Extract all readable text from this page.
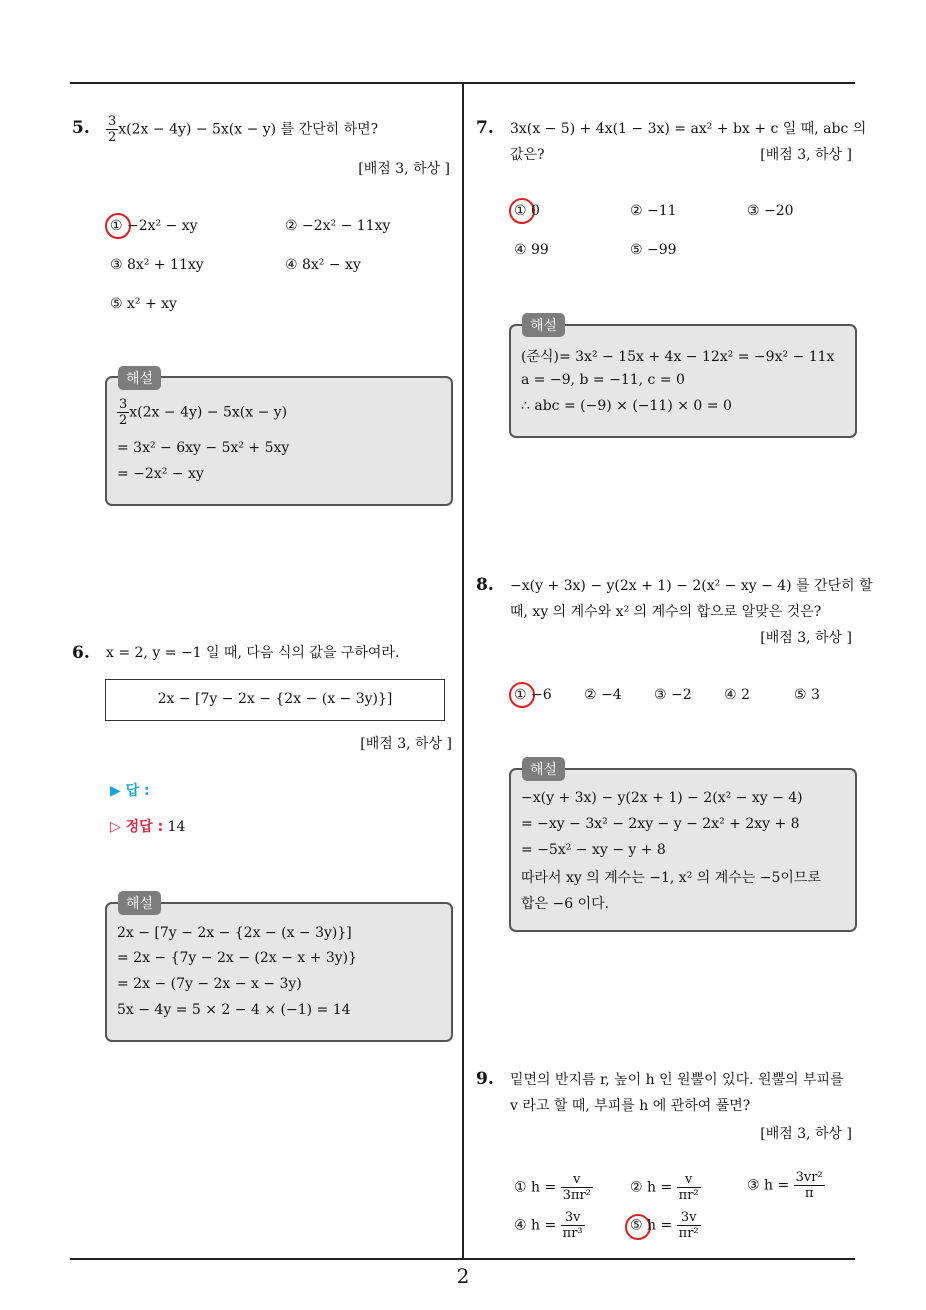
2
5. $\frac{3}{2} x(2x - 4y) - 5x(x - y)$ 를 간단히 하면?
[배점 3, 하상 ]
① −2x² − xy	② −2x² − 11xy
③ 8x² + 11xy	④ 8x² − xy
⑤ x² + xy
해설
$\frac{3}{2} x(2x - 4y) - 5x(x - y)$
= 3x² − 6xy − 5x² + 5xy
= −2x² − xy
6. x = 2, y = −1 일 때, 다음 식의 값을 구하여라.
2x − [7y − 2x − {2x − (x − 3y)}]
[배점 3, 하상 ]
▶ 답 :
▷ 정답 : 14
해설
2x − [7y − 2x − {2x − (x − 3y)}]
= 2x − {7y − 2x − (2x − x + 3y)}
= 2x − (7y − 2x − x − 3y)
5x − 4y = 5 × 2 − 4 × (−1) = 14
7. 3x(x − 5) + 4x(1 − 3x) = ax² + bx + c 일 때, abc 의
값은?	[배점 3, 하상 ]
① 0	② −11	③ −20
④ 99	⑤ −99
해설
(준식)= 3x² − 15x + 4x − 12x² = −9x² − 11x
a = −9, b = −11, c = 0
∴ abc = (−9) × (−11) × 0 = 0
8. −x(y + 3x) − y(2x + 1) − 2(x² − xy − 4) 를 간단히 할
때, xy 의 계수와 x² 의 계수의 합으로 알맞은 것은?
[배점 3, 하상 ]
① −6 ② −4 ③ −2 ④ 2	⑤ 3
해설
−x(y + 3x) − y(2x + 1) − 2(x² − xy − 4)
= −xy − 3x² − 2xy − y − 2x² + 2xy + 8
= −5x² − xy − y + 8
따라서 xy 의 계수는 −1, x² 의 계수는 −5이므로
합은 −6 이다.
9. 밑면의 반지름 r, 높이 h 인 원뿔이 있다. 원뿔의 부피를
v 라고 할 때, 부피를 h 에 관하여 풀면?
[배점 3, 하상 ]
① $h = \frac{v}{\text{3πr²}}$	② $h = \frac{v}{\text{πr²}}$	③ $h = \frac{\text{3vr²}}{\pi}$
④ $h = \frac{3v}{\text{πr³}}$	⑤ $h = \frac{3v}{\text{πr²}}$
